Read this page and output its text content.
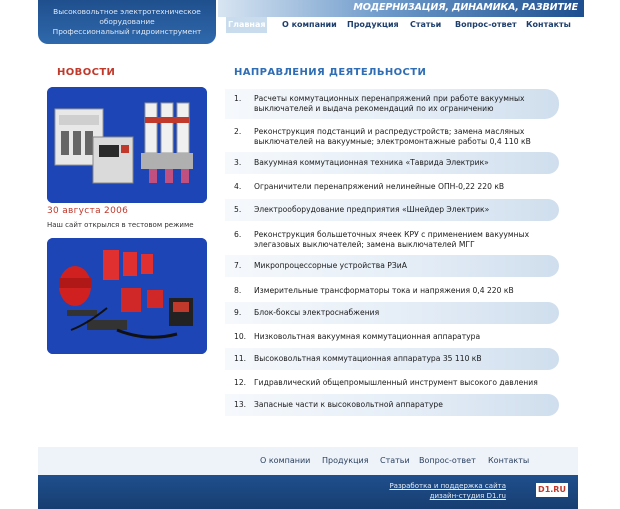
Высоковольтное электротехническое
оборудование
Профессиональный гидроинструмент
МОДЕРНИЗАЦИЯ, ДИНАМИКА, РАЗВИТИЕ
Главная О компании Продукция Статьи Вопрос-ответ Контакты
НОВОСТИ
30 августа 2006
Наш сайт открылся в тестовом режиме
НАПРАВЛЕНИЯ ДЕЯТЕЛЬНОСТИ
1. Расчеты коммутационных перенапряжений при работе вакуумных выключателей и выдача рекомендаций по их ограничению
2. Реконструкция подстанций и распредустройств; замена масляных выключателей на вакуумные; электромонтажные работы 0,4 110 кВ
3. Вакуумная коммутационная техника «Таврида Электрик»
4. Ограничители перенапряжений нелинейные ОПН-0,22 220 кВ
5. Электрооборудование предприятия «Шнейдер Электрик»
6. Реконструкция большеточных ячеек КРУ с применением вакуумных элегазовых выключателей; замена выключателей МГГ
7. Микропроцессорные устройства РЗиА
8. Измерительные трансформаторы тока и напряжения 0,4 220 кВ
9. Блок-боксы электроснабжения
10. Низковольтная вакуумная коммутационная аппаратура
11. Высоковольтная коммутационная аппаратура 35 110 кВ
12. Гидравлический общепромышленный инструмент высокого давления
13. Запасные части к высоковольтной аппаратуре
О компании Продукция Статьи Вопрос-ответ Контакты
Разработка и поддержка сайта
дизайн-студия D1.ru
D1.RU
